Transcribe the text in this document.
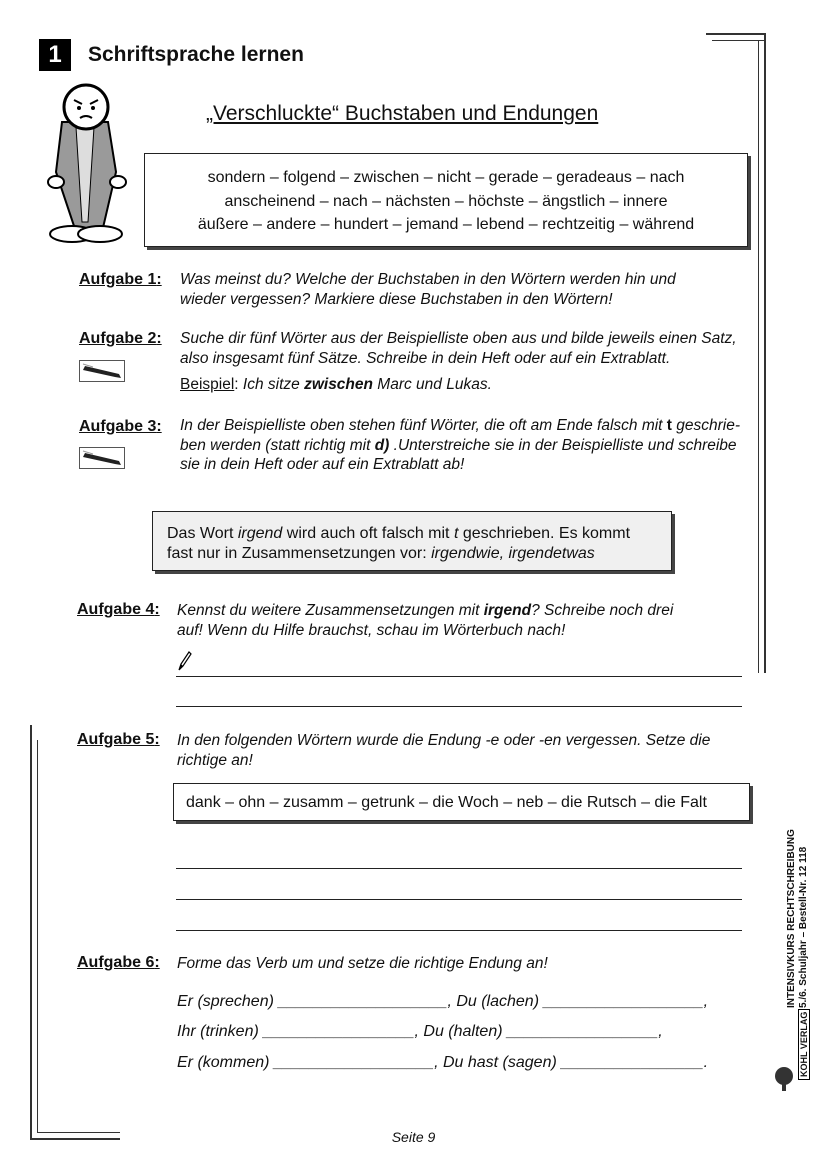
1	Schriftsprache lernen
„Verschluckte“ Buchstaben und Endungen
sondern – folgend – zwischen – nicht – gerade – geradeaus – nach
anscheinend – nach – nächsten – höchste – ängstlich – innere
äußere – andere – hundert – jemand – lebend – rechtzeitig – während
Aufgabe 1: Was meinst du? Welche der Buchstaben in den Wörtern werden hin und
wieder vergessen? Markiere diese Buchstaben in den Wörtern!
Aufgabe 2: Suche dir fünf Wörter aus der Beispielliste oben aus und bilde jeweils einen Satz,
also insgesamt fünf Sätze. Schreibe in dein Heft oder auf ein Extrablatt.
Beispiel: Ich sitze zwischen Marc und Lukas.
Aufgabe 3: In der Beispielliste oben stehen fünf Wörter, die oft am Ende falsch mit t geschrie-
ben werden (statt richtig mit d) .Unterstreiche sie in der Beispielliste und schreibe
sie in dein Heft oder auf ein Extrablatt ab!
Das Wort irgend wird auch oft falsch mit t geschrieben. Es kommt
fast nur in Zusammensetzungen vor: irgendwie, irgendetwas
Aufgabe 4: Kennst du weitere Zusammensetzungen mit irgend? Schreibe noch drei
auf! Wenn du Hilfe brauchst, schau im Wörterbuch nach!
Aufgabe 5: In den folgenden Wörtern wurde die Endung -e oder -en vergessen. Setze die
richtige an!
dank – ohn – zusamm – getrunk – die Woch – neb – die Rutsch – die Falt
Aufgabe 6: Forme das Verb um und setze die richtige Endung an!
Er (sprechen) ___________________, Du (lachen) __________________,
Ihr (trinken) _________________, Du (halten) _________________,
Er (kommen) __________________, Du hast (sagen) ________________.
INTENSIVKURS RECHTSCHREIBUNG 5./6. Schuljahr – Bestell-Nr. 12 118
KOHL VERLAG
Seite 9
